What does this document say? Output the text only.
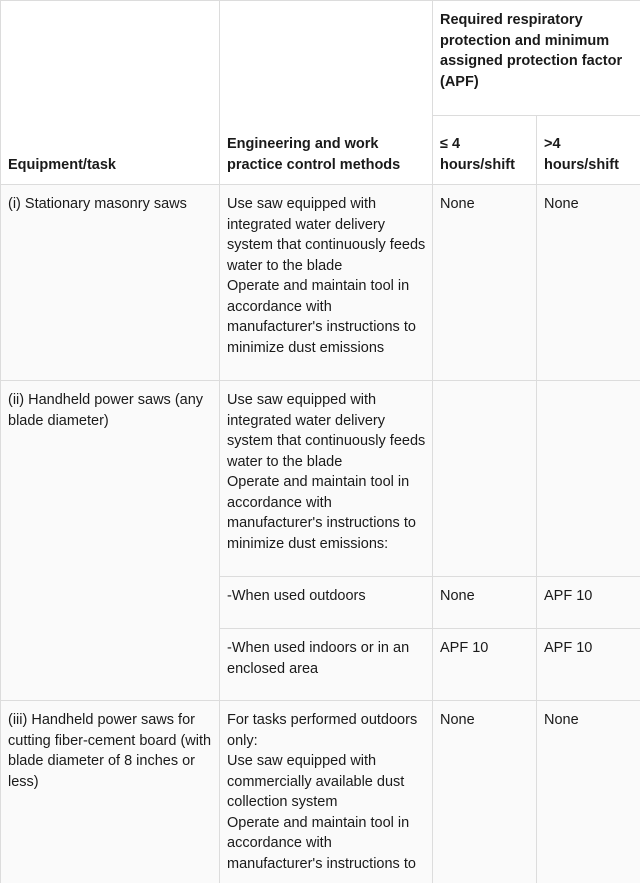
Equipment/task	Engineering and work practice control methods	Required respiratory protection and minimum assigned protection factor (APF)	
		≤ 4 hours/shift	>4 hours/shift
(i) Stationary masonry saws	Use saw equipped with integrated water delivery system that continuously feeds water to the blade
Operate and maintain tool in accordance with manufacturer's instructions to minimize dust emissions	None	None
(ii) Handheld power saws (any blade diameter)	Use saw equipped with integrated water delivery system that continuously feeds water to the blade
Operate and maintain tool in accordance with manufacturer's instructions to minimize dust emissions:		

	-When used outdoors	None	APF 10
	-When used indoors or in an enclosed area	APF 10	APF 10
(iii) Handheld power saws for cutting fiber-cement board (with blade diameter of 8 inches or less)	For tasks performed outdoors only:
Use saw equipped with commercially available dust collection system
Operate and maintain tool in accordance with manufacturer's instructions to	None	None
